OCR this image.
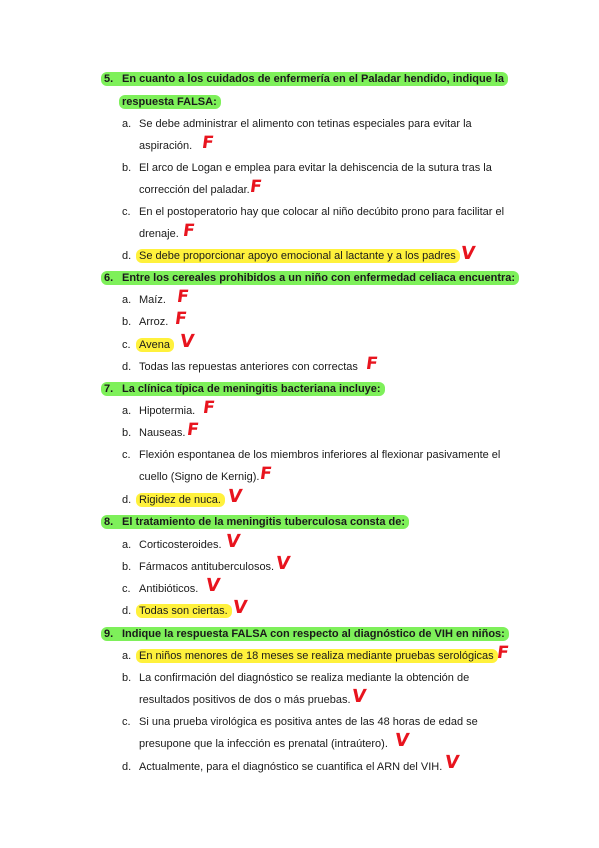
5. En cuanto a los cuidados de enfermería en el Paladar hendido, indique la
respuesta FALSA:
a. Se debe administrar el alimento con tetinas especiales para evitar la
aspiración. F
b. El arco de Logan e emplea para evitar la dehiscencia de la sutura tras la
corrección del paladar.
F
c. En el postoperatorio hay que colocar al niño decúbito prono para facilitar el
drenaje. F
d. Se debe proporcionar apoyo emocional al lactante y a los padres V
6. Entre los cereales prohibidos a un niño con enfermedad celiaca encuentra:
a. Maíz. F
b. Arroz. F
c. Avena V
d. Todas las repuestas anteriores con correctas F
7. La clínica típica de meningitis bacteriana incluye:
a. Hipotermia. F
b. Nauseas. F
c. Flexión espontanea de los miembros inferiores al flexionar pasivamente el
cuello (Signo de Kernig). F
d. Rigidez de nuca. V
8. El tratamiento de la meningitis tuberculosa consta de:
a. Corticosteroides. V
b. Fármacos antituberculosos. V
c. Antibióticos. V
d. Todas son ciertas. V
9. Indique la respuesta FALSA con respecto al diagnóstico de VIH en niños:
a. En niños menores de 18 meses se realiza mediante pruebas serológicas F
b. La confirmación del diagnóstico se realiza mediante la obtención de
resultados positivos de dos o más pruebas. V
c. Si una prueba virológica es positiva antes de las 48 horas de edad se
presupone que la infección es prenatal (intraútero). V
d. Actualmente, para el diagnóstico se cuantifica el ARN del VIH. V
